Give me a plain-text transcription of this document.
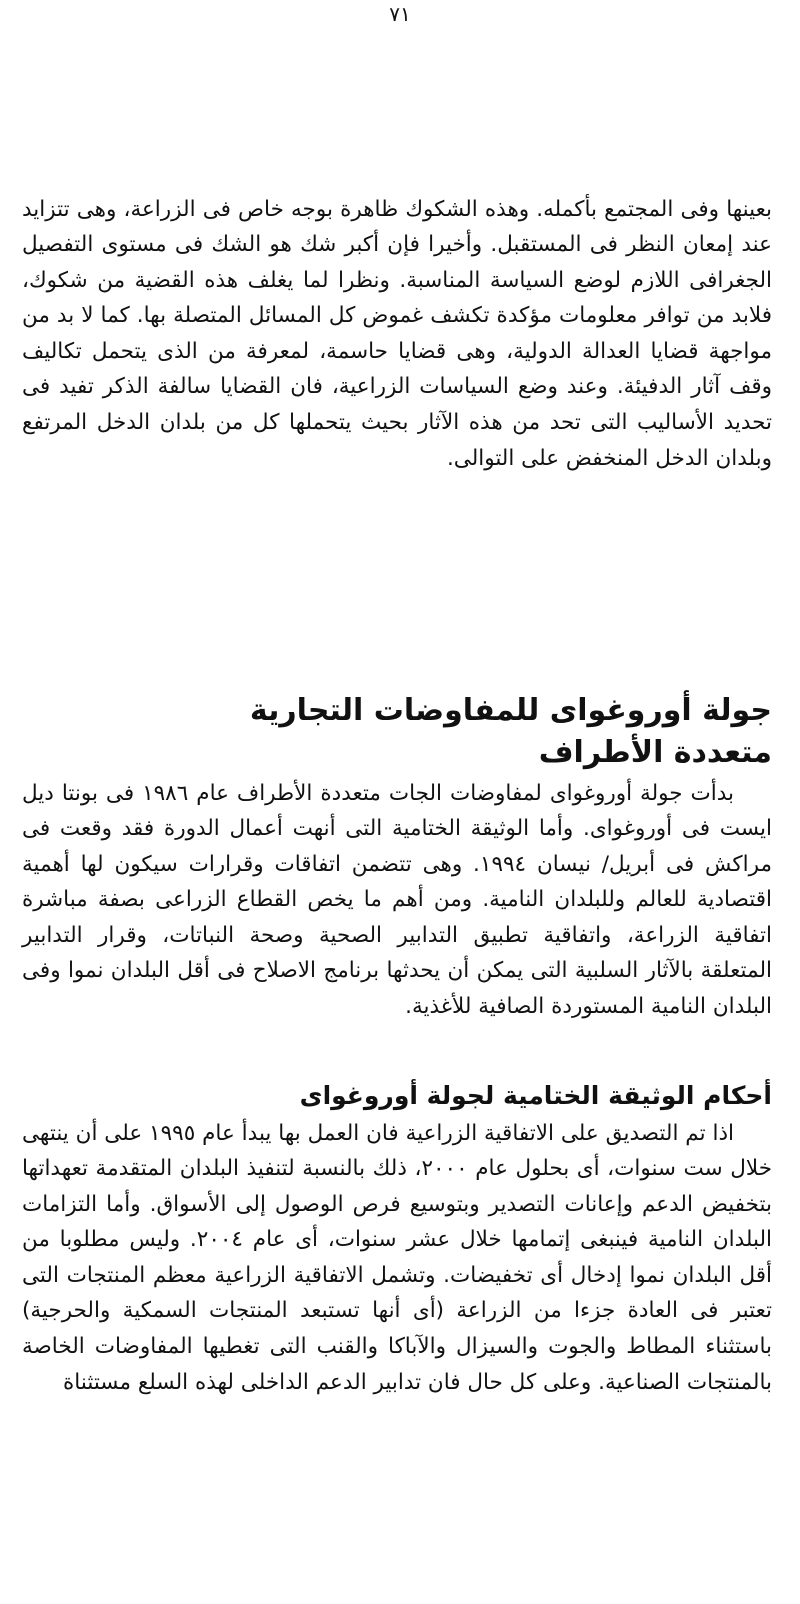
٧١

بعينها وفى المجتمع بأكمله. وهذه الشكوك ظاهرة بوجه خاص فى الزراعة، وهى تتزايد عند إمعان النظر فى المستقبل. وأخيرا فإن أكبر شك هو الشك فى مستوى التفصيل الجغرافى اللازم لوضع السياسة المناسبة. ونظرا لما يغلف هذه القضية من شكوك، فلابد من توافر معلومات مؤكدة تكشف غموض كل المسائل المتصلة بها. كما لا بد من مواجهة قضايا العدالة الدولية، وهى قضايا حاسمة، لمعرفة من الذى يتحمل تكاليف وقف آثار الدفيئة. وعند وضع السياسات الزراعية، فان القضايا سالفة الذكر تفيد فى تحديد الأساليب التى تحد من هذه الآثار بحيث يتحملها كل من بلدان الدخل المرتفع وبلدان الدخل المنخفض على التوالى.

جولة أوروغواى للمفاوضات التجارية
متعددة الأطراف

بدأت جولة أوروغواى لمفاوضات الجات متعددة الأطراف عام ١٩٨٦ فى بونتا ديل ايست فى أوروغواى. وأما الوثيقة الختامية التى أنهت أعمال الدورة فقد وقعت فى مراكش فى أبريل/ نيسان ١٩٩٤. وهى تتضمن اتفاقات وقرارات سيكون لها أهمية اقتصادية للعالم وللبلدان النامية. ومن أهم ما يخص القطاع الزراعى بصفة مباشرة اتفاقية الزراعة، واتفاقية تطبيق التدابير الصحية وصحة النباتات، وقرار التدابير المتعلقة بالآثار السلبية التى يمكن أن يحدثها برنامج الاصلاح فى أقل البلدان نموا وفى البلدان النامية المستوردة الصافية للأغذية.

أحكام الوثيقة الختامية لجولة أوروغواى

اذا تم التصديق على الاتفاقية الزراعية فان العمل بها يبدأ عام ١٩٩٥ على أن ينتهى خلال ست سنوات، أى بحلول عام ٢٠٠٠، ذلك بالنسبة لتنفيذ البلدان المتقدمة تعهداتها بتخفيض الدعم وإعانات التصدير وبتوسيع فرص الوصول إلى الأسواق. وأما التزامات البلدان النامية فينبغى إتمامها خلال عشر سنوات، أى عام ٢٠٠٤. وليس مطلوبا من أقل البلدان نموا إدخال أى تخفيضات. وتشمل الاتفاقية الزراعية معظم المنتجات التى تعتبر فى العادة جزءا من الزراعة (أى أنها تستبعد المنتجات السمكية والحرجية) باستثناء المطاط والجوت والسيزال والآباكا والقنب التى تغطيها المفاوضات الخاصة بالمنتجات الصناعية. وعلى كل حال فان تدابير الدعم الداخلى لهذه السلع مستثناة
